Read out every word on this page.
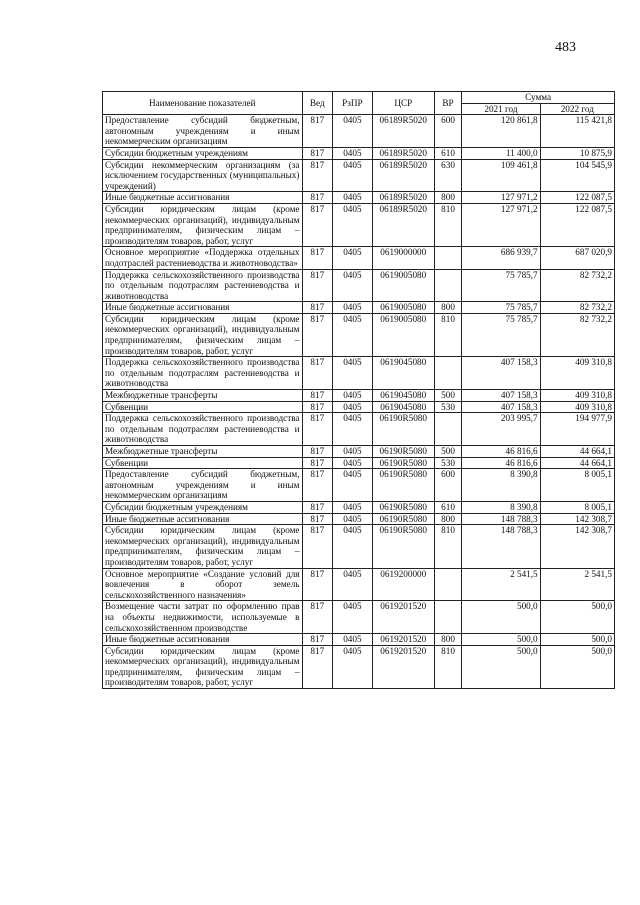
483
Наименование показателей	Вед	РзПР	ЦСР	ВР	Сумма	
					2021 год	2022 год
Предоставление субсидий бюджетным, автономным учреждениям и иным некоммерческим организациям	817	0405	06189R5020	600	120 861,8	115 421,8
Субсидии бюджетным учреждениям	817	0405	06189R5020	610	11 400,0	10 875,9
Субсидии некоммерческим организациям (за исключением государственных (муниципальных) учреждений)	817	0405	06189R5020	630	109 461,8	104 545,9
Иные бюджетные ассигнования	817	0405	06189R5020	800	127 971,2	122 087,5
Субсидии юридическим лицам (кроме некоммерческих организаций), индивидуальным предпринимателям, физическим лицам – производителям товаров, работ, услуг	817	0405	06189R5020	810	127 971,2	122 087,5
Основное мероприятие «Поддержка отдельных подотраслей растениеводства и животноводства»	817	0405	0619000000		686 939,7	687 020,9
Поддержка сельскохозяйственного производства по отдельным подотраслям растениеводства и животноводства	817	0405	0619005080		75 785,7	82 732,2
Иные бюджетные ассигнования	817	0405	0619005080	800	75 785,7	82 732,2
Субсидии юридическим лицам (кроме некоммерческих организаций), индивидуальным предпринимателям, физическим лицам – производителям товаров, работ, услуг	817	0405	0619005080	810	75 785,7	82 732,2
Поддержка сельскохозяйственного производства по отдельным подотраслям растениеводства и животноводства	817	0405	0619045080		407 158,3	409 310,8
Межбюджетные трансферты	817	0405	0619045080	500	407 158,3	409 310,8
Субвенции	817	0405	0619045080	530	407 158,3	409 310,8
Поддержка сельскохозяйственного производства по отдельным подотраслям растениеводства и животноводства	817	0405	06190R5080		203 995,7	194 977,9
Межбюджетные трансферты	817	0405	06190R5080	500	46 816,6	44 664,1
Субвенции	817	0405	06190R5080	530	46 816,6	44 664,1
Предоставление субсидий бюджетным, автономным учреждениям и иным некоммерческим организациям	817	0405	06190R5080	600	8 390,8	8 005,1
Субсидии бюджетным учреждениям	817	0405	06190R5080	610	8 390,8	8 005,1
Иные бюджетные ассигнования	817	0405	06190R5080	800	148 788,3	142 308,7
Субсидии юридическим лицам (кроме некоммерческих организаций), индивидуальным предпринимателям, физическим лицам – производителям товаров, работ, услуг	817	0405	06190R5080	810	148 788,3	142 308,7
Основное мероприятие «Создание условий для вовлечения в оборот земель сельскохозяйственного назначения»	817	0405	0619200000		2 541,5	2 541,5
Возмещение части затрат по оформлению прав на объекты недвижимости, используемые в сельскохозяйственном производстве	817	0405	0619201520		500,0	500,0
Иные бюджетные ассигнования	817	0405	0619201520	800	500,0	500,0
Субсидии юридическим лицам (кроме некоммерческих организаций), индивидуальным предпринимателям, физическим лицам – производителям товаров, работ, услуг	817	0405	0619201520	810	500,0	500,0
